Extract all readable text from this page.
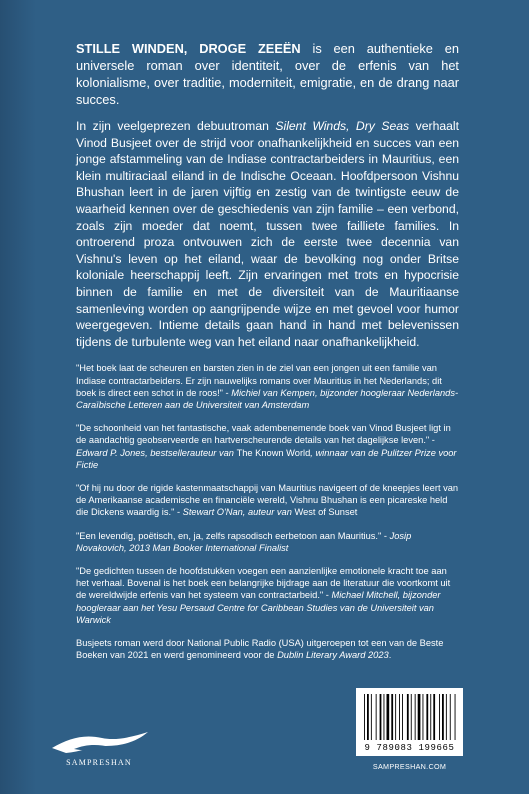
STILLE WINDEN, DROGE ZEEËN is een authentieke en universele roman over identiteit, over de erfenis van het kolonialisme, over traditie, moderniteit, emigratie, en de drang naar succes.

In zijn veelgeprezen debuutroman Silent Winds, Dry Seas verhaalt Vinod Busjeet over de strijd voor onafhankelijkheid en succes van een jonge afstammeling van de Indiase contractarbeiders in Mauritius, een klein multiraciaal eiland in de Indische Oceaan. Hoofdpersoon Vishnu Bhushan leert in de jaren vijftig en zestig van de twintigste eeuw de waarheid kennen over de geschiedenis van zijn familie – een verbond, zoals zijn moeder dat noemt, tussen twee failliete families. In ontroerend proza ontvouwen zich de eerste twee decennia van Vishnu's leven op het eiland, waar de bevolking nog onder Britse koloniale heerschappij leeft. Zijn ervaringen met trots en hypocrisie binnen de familie en met de diversiteit van de Mauritiaanse samenleving worden op aangrijpende wijze en met gevoel voor humor weergegeven. Intieme details gaan hand in hand met belevenissen tijdens de turbulente weg van het eiland naar onafhankelijkheid.

"Het boek laat de scheuren en barsten zien in de ziel van een jongen uit een familie van Indiase contractarbeiders. Er zijn nauwelijks romans over Mauritius in het Nederlands; dit boek is direct een schot in de roos!" - Michiel van Kempen, bijzonder hoogleraar Nederlands-Caraïbische Letteren aan de Universiteit van Amsterdam

"De schoonheid van het fantastische, vaak adembenemende boek van Vinod Busjeet ligt in de aandachtig geobserveerde en hartverscheurende details van het dagelijkse leven." - Edward P. Jones, bestsellerauteur van The Known World, winnaar van de Pulitzer Prize voor Fictie

"Of hij nu door de rigide kastenmaatschappij van Mauritius navigeert of de kneepjes leert van de Amerikaanse academische en financiële wereld, Vishnu Bhushan is een picareske held die Dickens waardig is." - Stewart O'Nan, auteur van West of Sunset

"Een levendig, poëtisch, en, ja, zelfs rapsodisch eerbetoon aan Mauritius." - Josip Novakovich, 2013 Man Booker International Finalist

"De gedichten tussen de hoofdstukken voegen een aanzienlijke emotionele kracht toe aan het verhaal. Bovenal is het boek een belangrijke bijdrage aan de literatuur die voortkomt uit de wereldwijde erfenis van het systeem van contractarbeid." - Michael Mitchell, bijzonder hoogleraar aan het Yesu Persaud Centre for Caribbean Studies van de Universiteit van Warwick

Busjeets roman werd door National Public Radio (USA) uitgeroepen tot een van de Beste Boeken van 2021 en werd genomineerd voor de Dublin Literary Award 2023.

SAMPRESHAN
9 789083 199665
SAMPRESHAN.COM
